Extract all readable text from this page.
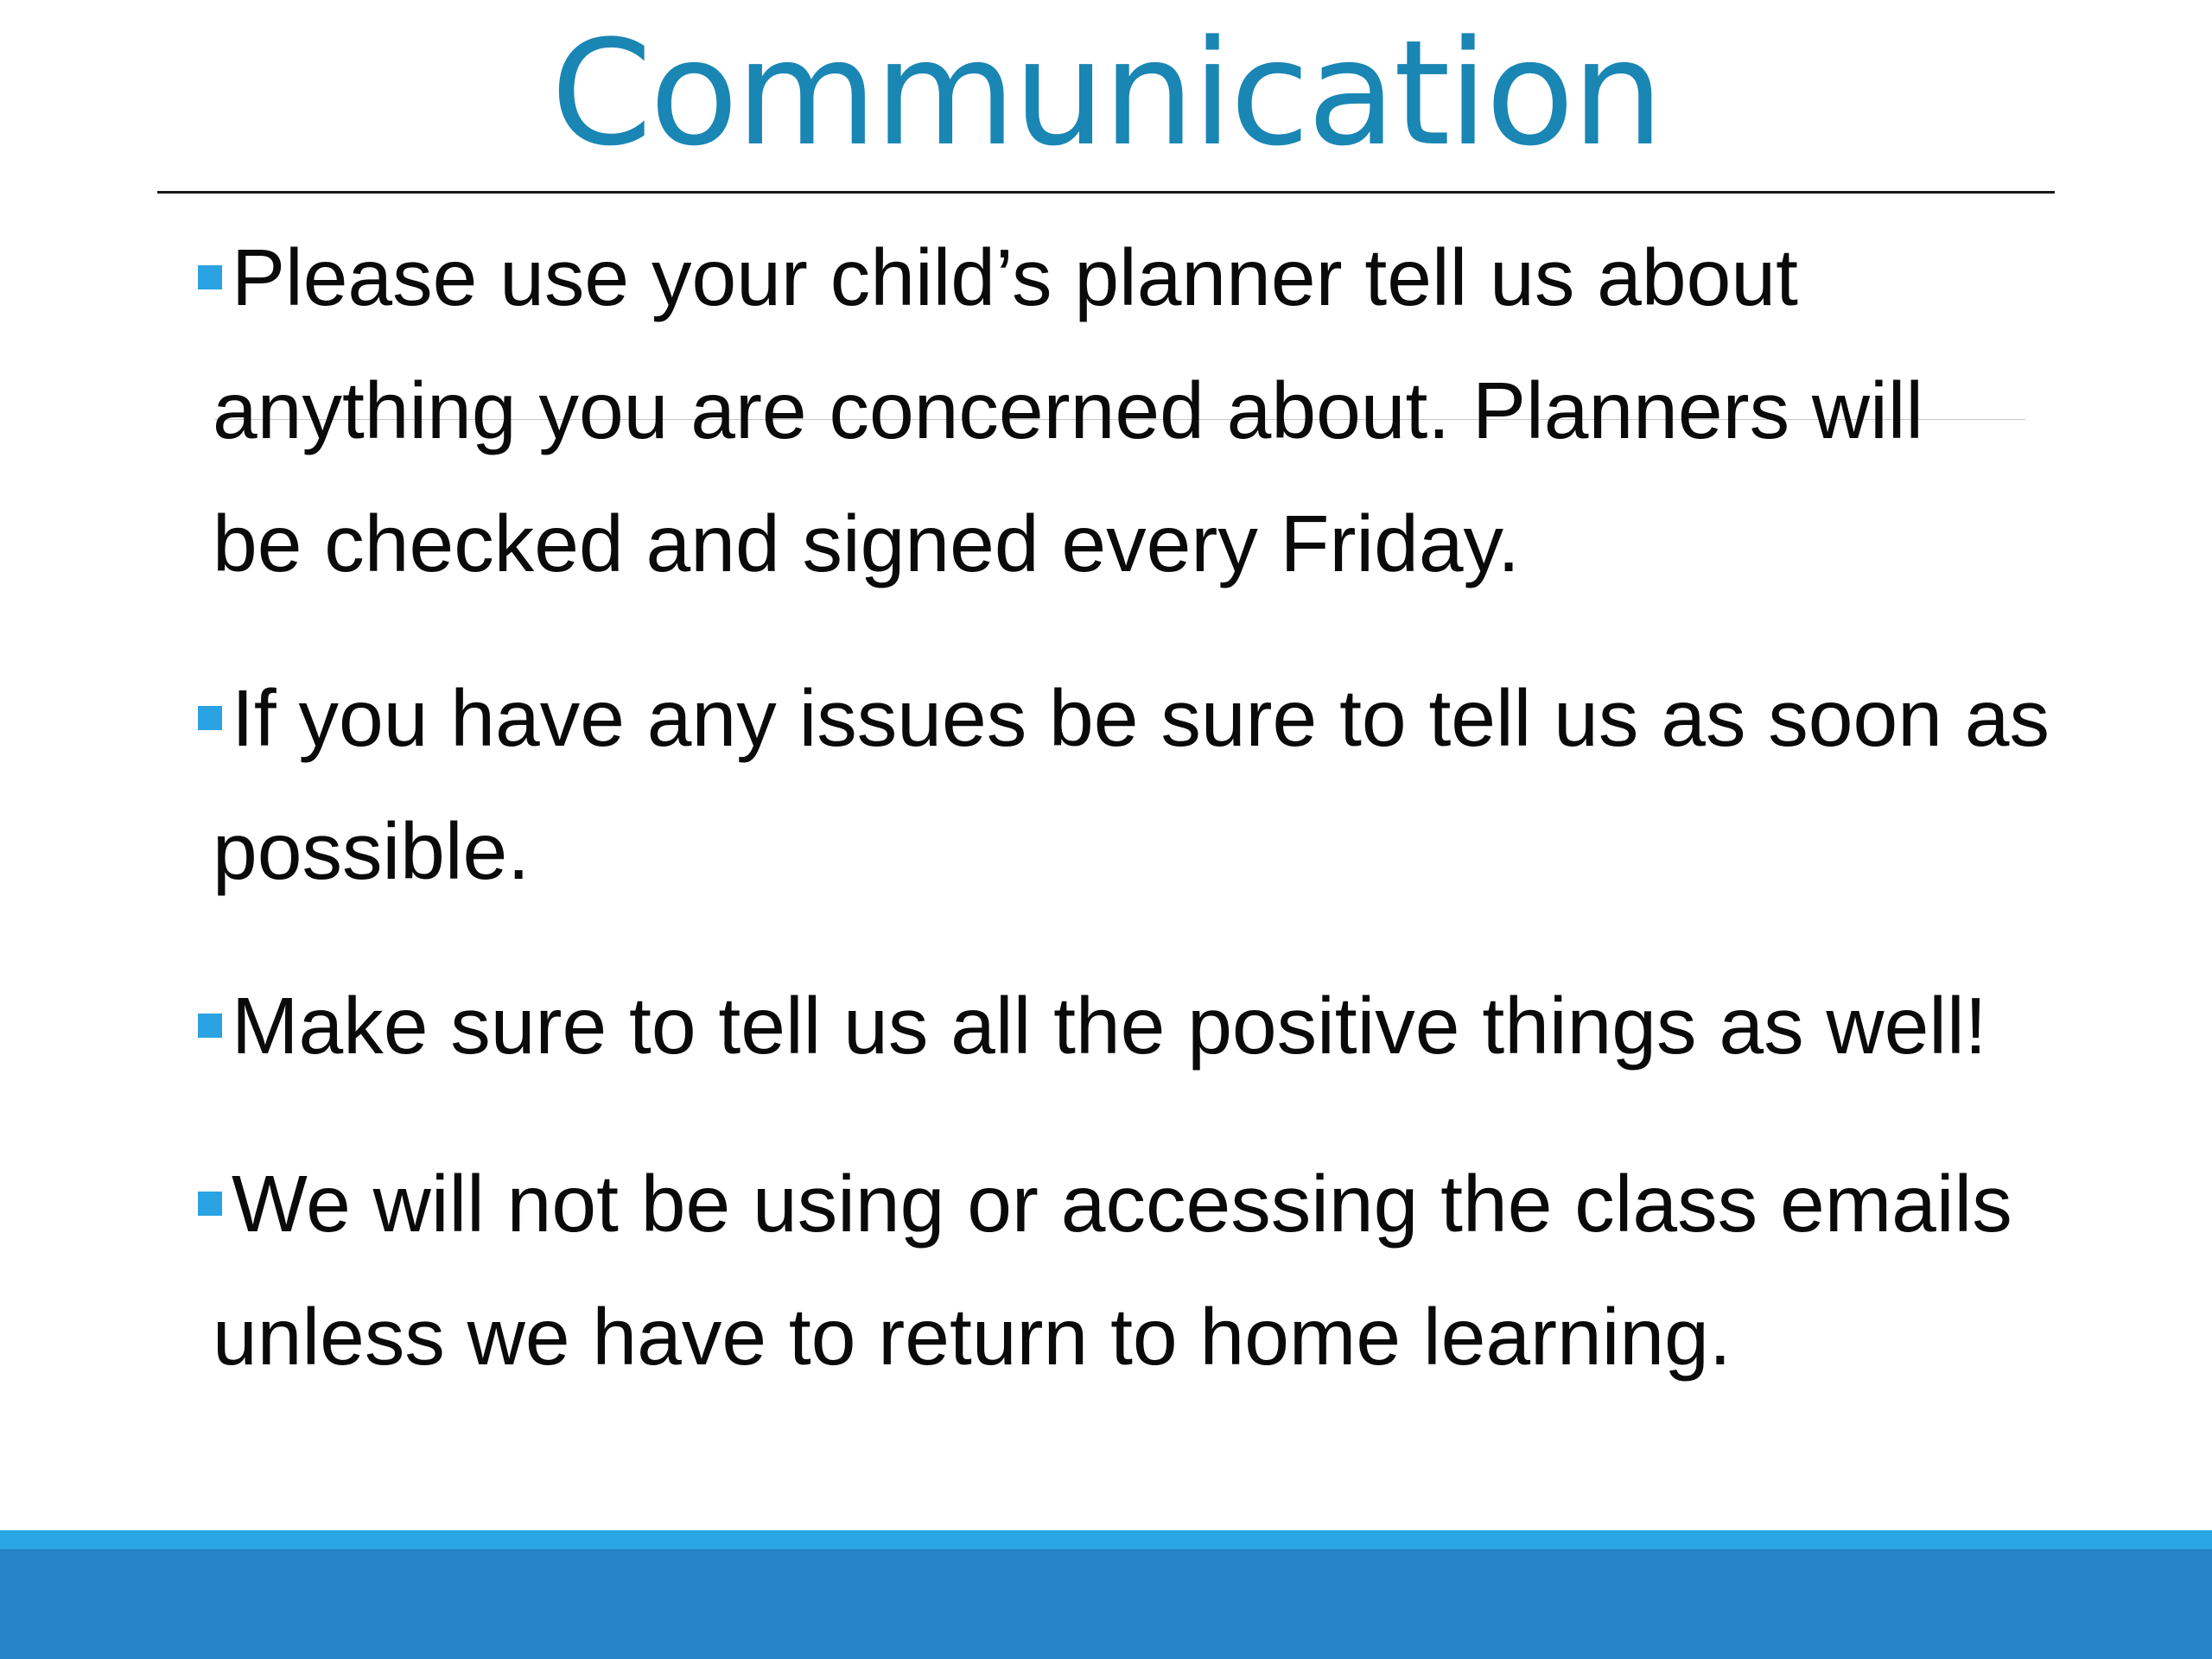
Communication
Please use your child’s planner tell us about
anything you are concerned about. Planners will
be checked and signed every Friday.
If you have any issues be sure to tell us as soon as
possible.
Make sure to tell us all the positive things as well!
We will not be using or accessing the class emails
unless we have to return to home learning.
